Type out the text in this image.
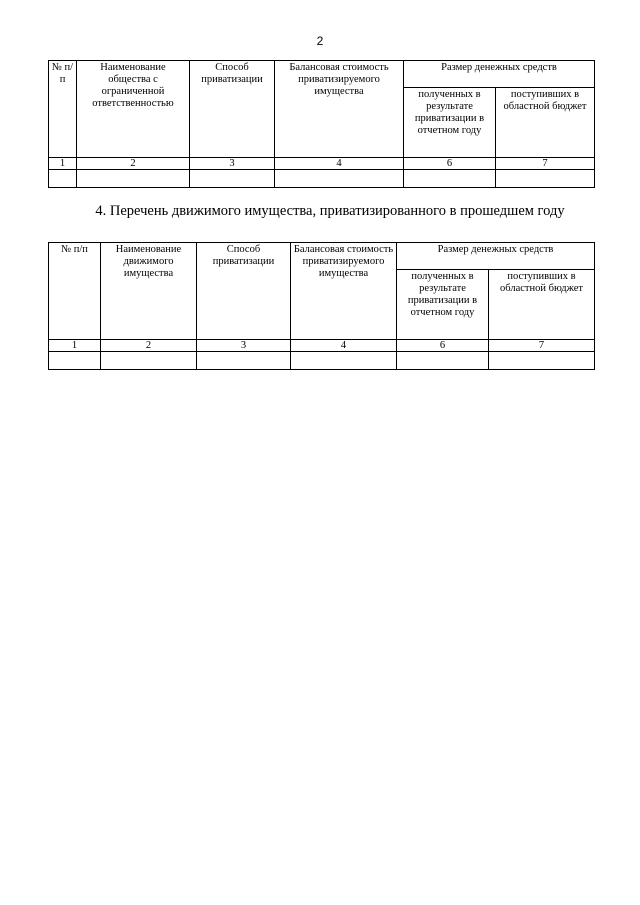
2
№ п/п	Наименование общества с ограниченной ответственностью	Способ приватизации	Балансовая стоимость приватизируемого имущества	Размер денежных средств	
				полученных в результате приватизации в отчетном году	поступивших в областной бюджет
1	2	3	4	6	7

4. Перечень движимого имущества, приватизированного в прошедшем году
№ п/п	Наименование движимого имущества	Способ приватизации	Балансовая стоимость приватизируемого имущества	Размер денежных средств	
				полученных в результате приватизации в отчетном году	поступивших в областной бюджет
1	2	3	4	6	7
